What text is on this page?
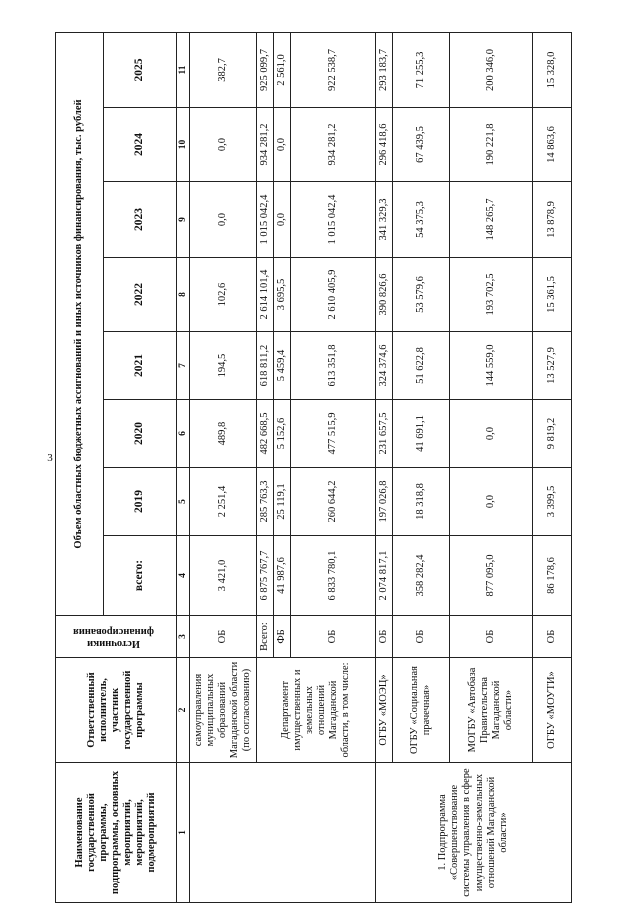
3
Наименование государственной программы, подпрограммы, основных мероприятий, мероприятий, подмероприятий	Ответственный исполнитель, участник государственной программы	Источники финансирования	Объем областных бюджетных ассигнований и иных источников финансирования, тыс. рублей							
			всего:	2019	2020	2021	2022	2023	2024	2025
1	2	3	4	5	6	7	8	9	10	11
	самоуправления муниципальных образований Магаданской области (по согласованию)	ОБ	3 421,0	2 251,4	489,8	194,5	102,6	0,0	0,0	382,7
	Департамент имущественных и земельных отношений Магаданской области, в том числе:	Всего:	6 875 767,7	285 763,3	482 668,5	618 811,2	2 614 101,4	1 015 042,4	934 281,2	925 099,7
		ФБ	41 987,6	25 119,1	5 152,6	5 459,4	3 695,5	0,0	0,0	2 561,0
		ОБ	6 833 780,1	260 644,2	477 515,9	613 351,8	2 610 405,9	1 015 042,4	934 281,2	922 538,7
1. Подпрограмма «Совершенствование системы управления в сфере имущественно-земельных отношений Магаданской области»	ОГБУ «МОЭЦ»	ОБ	2 074 817,1	197 026,8	231 657,5	324 374,6	390 826,6	341 329,3	296 418,6	293 183,7
	ОГБУ «Социальная прачечная»	ОБ	358 282,4	18 318,8	41 691,1	51 622,8	53 579,6	54 375,3	67 439,5	71 255,3
	МОГБУ «Автобаза Правительства Магаданской области»	ОБ	877 095,0	0,0	0,0	144 559,0	193 702,5	148 265,7	190 221,8	200 346,0
	ОГБУ «МОУТИ»	ОБ	86 178,6	3 399,5	9 819,2	13 527,9	15 361,5	13 878,9	14 863,6	15 328,0
